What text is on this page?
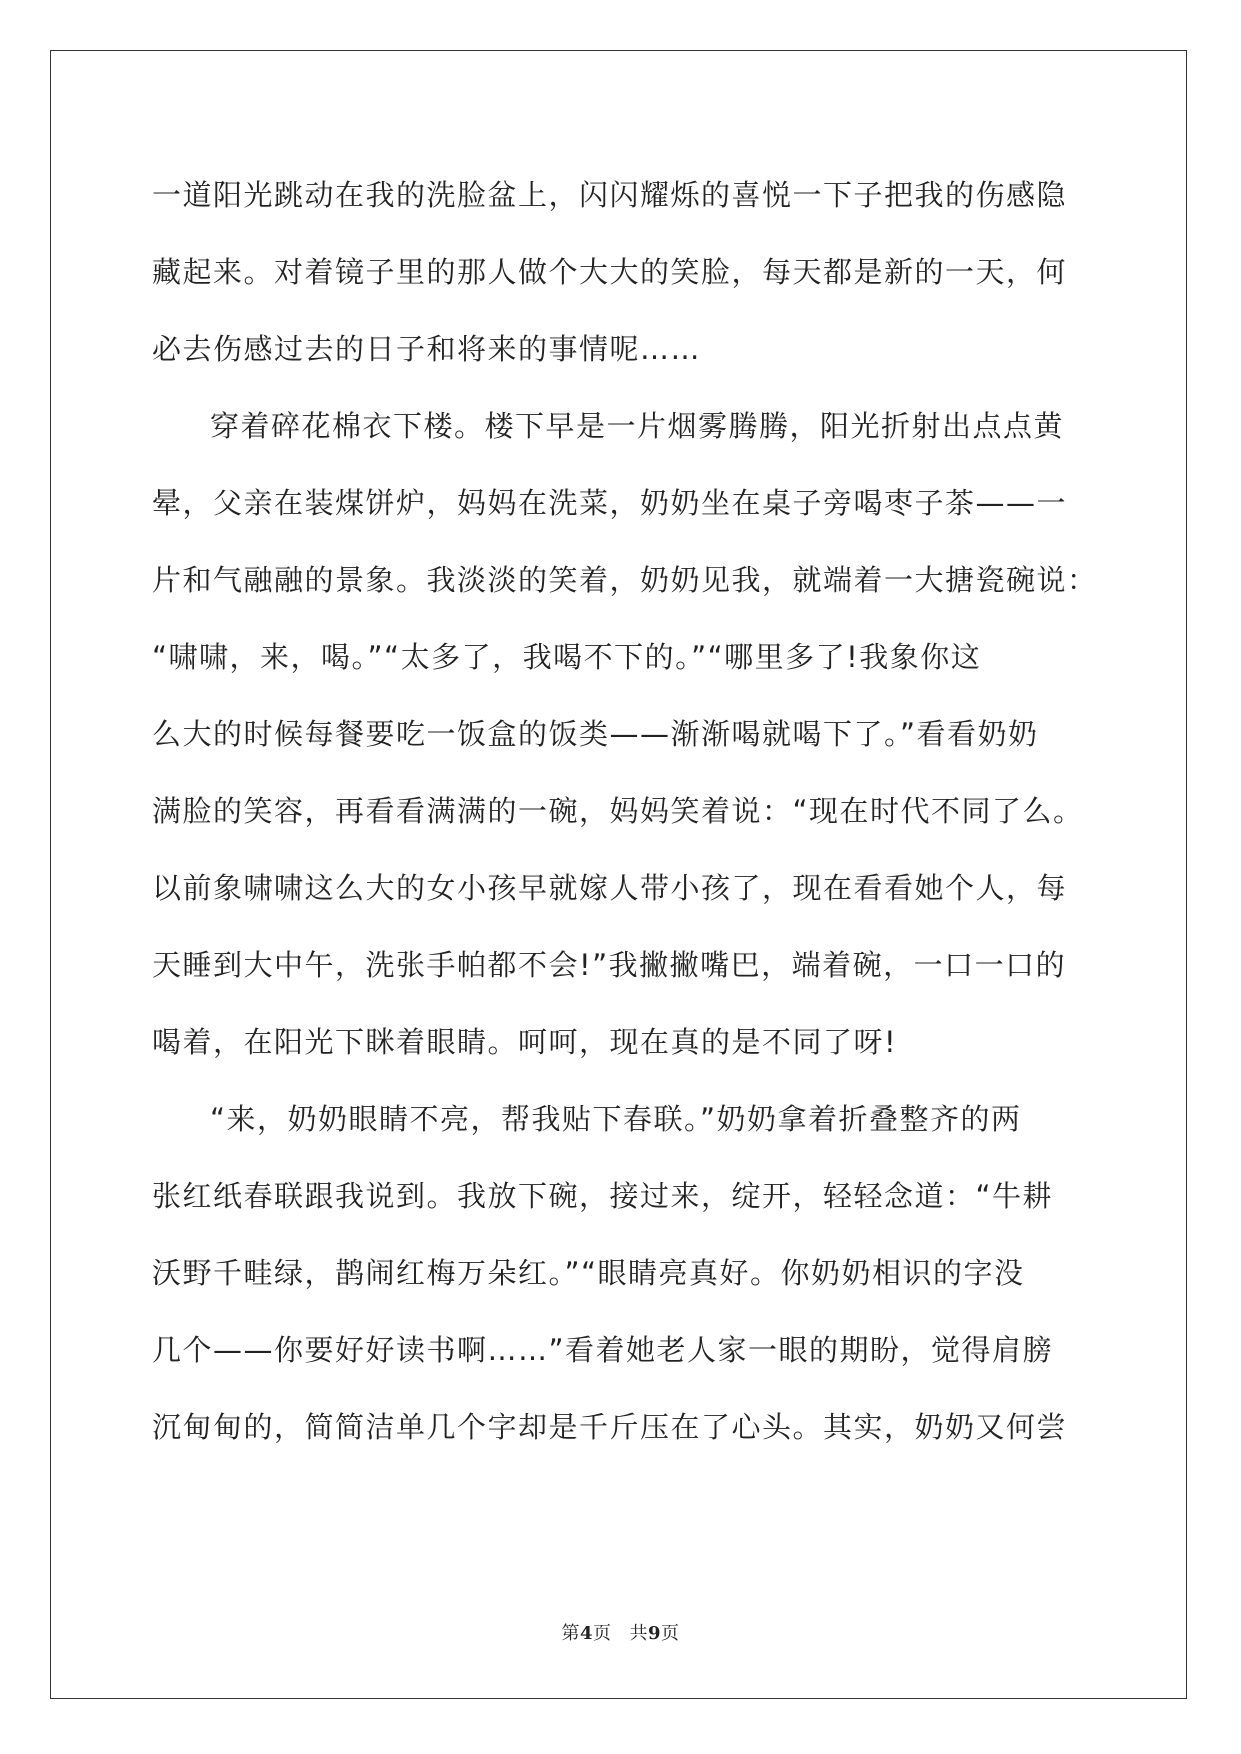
一道阳光跳动在我的洗脸盆上，闪闪耀烁的喜悦一下子把我的伤感隐
藏起来。对着镜子里的那人做个大大的笑脸，每天都是新的一天，何
必去伤感过去的日子和将来的事情呢……
穿着碎花棉衣下楼。楼下早是一片烟雾腾腾，阳光折射出点点黄
晕，父亲在装煤饼炉，妈妈在洗菜，奶奶坐在桌子旁喝枣子茶——一
片和气融融的景象。我淡淡的笑着，奶奶见我，就端着一大搪瓷碗说：
“啸啸，来，喝。”“太多了，我喝不下的。”“哪里多了!我象你这
么大的时候每餐要吃一饭盒的饭类——渐渐喝就喝下了。”看看奶奶
满脸的笑容，再看看满满的一碗，妈妈笑着说：“现在时代不同了么。
以前象啸啸这么大的女小孩早就嫁人带小孩了，现在看看她个人，每
天睡到大中午，洗张手帕都不会!”我撇撇嘴巴，端着碗，一口一口的
喝着，在阳光下眯着眼睛。呵呵，现在真的是不同了呀!
“来，奶奶眼睛不亮，帮我贴下春联。”奶奶拿着折叠整齐的两
张红纸春联跟我说到。我放下碗，接过来，绽开，轻轻念道：“牛耕
沃野千畦绿，鹊闹红梅万朵红。”“眼睛亮真好。你奶奶相识的字没
几个——你要好好读书啊……”看着她老人家一眼的期盼，觉得肩膀
沉甸甸的，简简洁单几个字却是千斤压在了心头。其实，奶奶又何尝
第4页 共9页
